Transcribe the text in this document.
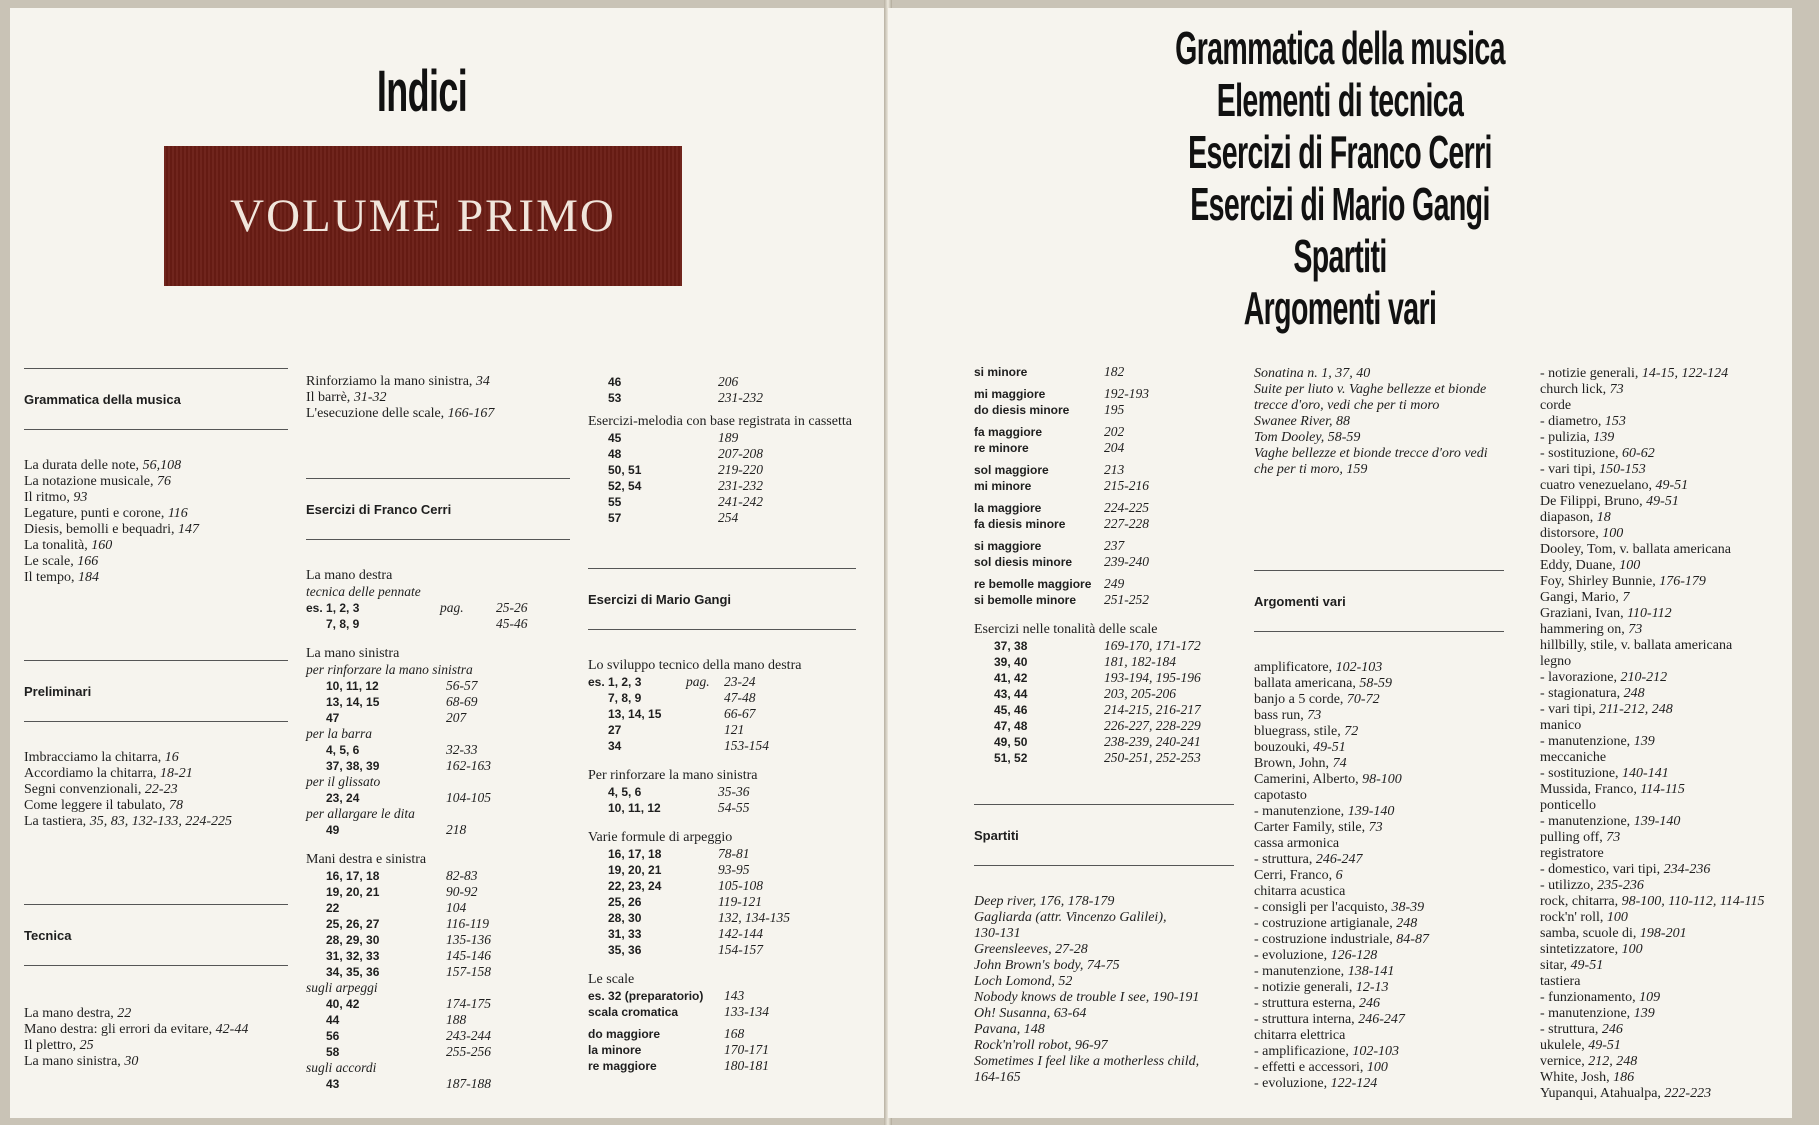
Indici
VOLUME PRIMO
Grammatica della musica
La durata delle note, 56,108
La notazione musicale, 76
Il ritmo, 93
Legature, punti e corone, 116
Diesis, bemolli e bequadri, 147
La tonalità, 160
Le scale, 166
Il tempo, 184
Preliminari
Imbracciamo la chitarra, 16
Accordiamo la chitarra, 18-21
Segni convenzionali, 22-23
Come leggere il tabulato, 78
La tastiera, 35, 83, 132-133, 224-225
Tecnica
La mano destra, 22
Mano destra: gli errori da evitare, 42-44
Il plettro, 25
La mano sinistra, 30
Rinforziamo la mano sinistra, 34
Il barrè, 31-32
L'esecuzione delle scale, 166-167
Esercizi di Franco Cerri
La mano destra
tecnica delle pennate
es. 1, 2, 3	pag.	25-26
7, 8, 9	45-46
La mano sinistra
per rinforzare la mano sinistra
10, 11, 12	56-57
13, 14, 15	68-69
47	207
per la barra
4, 5, 6	32-33
37, 38, 39	162-163
per il glissato
23, 24	104-105
per allargare le dita
49	218
Mani destra e sinistra
16, 17, 18	82-83
19, 20, 21	90-92
22	104
25, 26, 27	116-119
28, 29, 30	135-136
31, 32, 33	145-146
34, 35, 36	157-158
sugli arpeggi
40, 42	174-175
44	188
56	243-244
58	255-256
sugli accordi
43	187-188
46	206
53	231-232
Esercizi-melodia con base registrata in cassetta
45	189
48	207-208
50, 51	219-220
52, 54	231-232
55	241-242
57	254
Esercizi di Mario Gangi
Lo sviluppo tecnico della mano destra
es. 1, 2, 3	pag.	23-24
7, 8, 9	47-48
13, 14, 15	66-67
27	121
34	153-154
Per rinforzare la mano sinistra
4, 5, 6	35-36
10, 11, 12	54-55
Varie formule di arpeggio
16, 17, 18	78-81
19, 20, 21	93-95
22, 23, 24	105-108
25, 26	119-121
28, 30	132, 134-135
31, 33	142-144
35, 36	154-157
Le scale
es. 32 (preparatorio)	143
scala cromatica	133-134
do maggiore	168
la minore	170-171
re maggiore	180-181
Grammatica della musica
Elementi di tecnica
Esercizi di Franco Cerri
Esercizi di Mario Gangi
Spartiti
Argomenti vari
si minore	182
mi maggiore	192-193
do diesis minore	195
fa maggiore	202
re minore	204
sol maggiore	213
mi minore	215-216
la maggiore	224-225
fa diesis minore	227-228
si maggiore	237
sol diesis minore	239-240
re bemolle maggiore 249
si bemolle minore	251-252
Esercizi nelle tonalità delle scale
37, 38	169-170, 171-172
39, 40	181, 182-184
41, 42	193-194, 195-196
43, 44	203, 205-206
45, 46	214-215, 216-217
47, 48	226-227, 228-229
49, 50	238-239, 240-241
51, 52	250-251, 252-253
Spartiti
Deep river, 176, 178-179
Gagliarda (attr. Vincenzo Galilei),
130-131
Greensleeves, 27-28
John Brown's body, 74-75
Loch Lomond, 52
Nobody knows de trouble I see, 190-191
Oh! Susanna, 63-64
Pavana, 148
Rock'n'roll robot, 96-97
Sometimes I feel like a motherless child,
164-165
Sonatina n. 1, 37, 40
Suite per liuto v. Vaghe bellezze et bionde
trecce d'oro, vedi che per ti moro
Swanee River, 88
Tom Dooley, 58-59
Vaghe bellezze et bionde trecce d'oro vedi
che per ti moro, 159
Argomenti vari
amplificatore, 102-103
ballata americana, 58-59
banjo a 5 corde, 70-72
bass run, 73
bluegrass, stile, 72
bouzouki, 49-51
Brown, John, 74
Camerini, Alberto, 98-100
capotasto
- manutenzione, 139-140
Carter Family, stile, 73
cassa armonica
- struttura, 246-247
Cerri, Franco, 6
chitarra acustica
- consigli per l'acquisto, 38-39
- costruzione artigianale, 248
- costruzione industriale, 84-87
- evoluzione, 126-128
- manutenzione, 138-141
- notizie generali, 12-13
- struttura esterna, 246
- struttura interna, 246-247
chitarra elettrica
- amplificazione, 102-103
- effetti e accessori, 100
- evoluzione, 122-124
- notizie generali, 14-15, 122-124
church lick, 73
corde
- diametro, 153
- pulizia, 139
- sostituzione, 60-62
- vari tipi, 150-153
cuatro venezuelano, 49-51
De Filippi, Bruno, 49-51
diapason, 18
distorsore, 100
Dooley, Tom, v. ballata americana
Eddy, Duane, 100
Foy, Shirley Bunnie, 176-179
Gangi, Mario, 7
Graziani, Ivan, 110-112
hammering on, 73
hillbilly, stile, v. ballata americana
legno
- lavorazione, 210-212
- stagionatura, 248
- vari tipi, 211-212, 248
manico
- manutenzione, 139
meccaniche
- sostituzione, 140-141
Mussida, Franco, 114-115
ponticello
- manutenzione, 139-140
pulling off, 73
registratore
- domestico, vari tipi, 234-236
- utilizzo, 235-236
rock, chitarra, 98-100, 110-112, 114-115
rock'n' roll, 100
samba, scuole di, 198-201
sintetizzatore, 100
sitar, 49-51
tastiera
- funzionamento, 109
- manutenzione, 139
- struttura, 246
ukulele, 49-51
vernice, 212, 248
White, Josh, 186
Yupanqui, Atahualpa, 222-223
